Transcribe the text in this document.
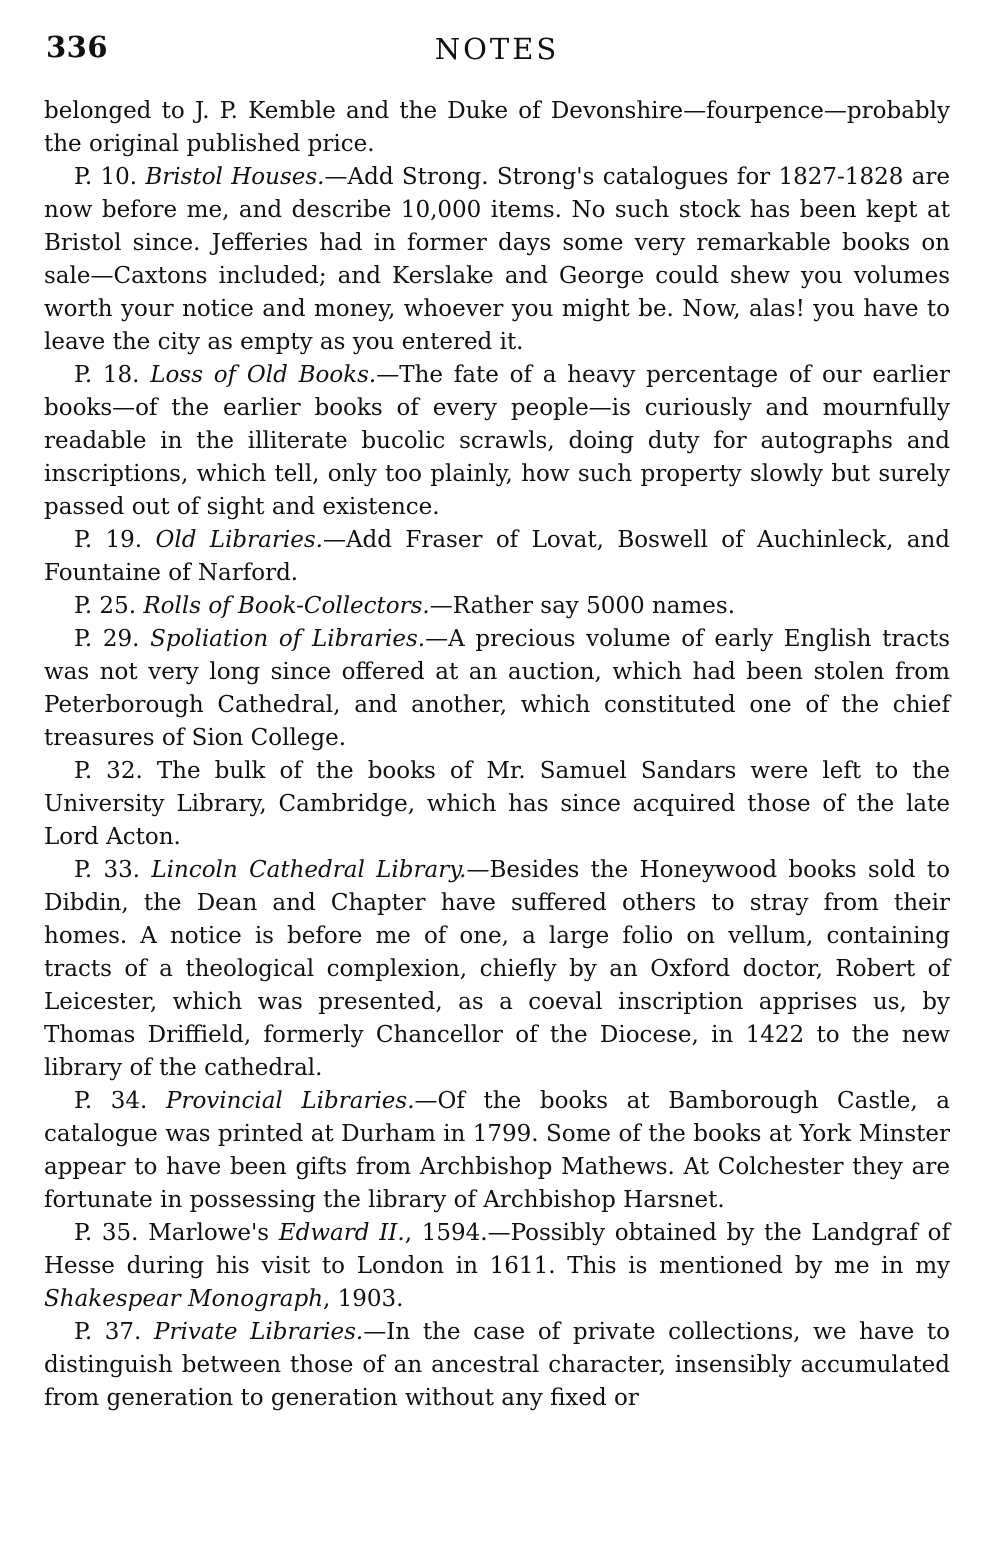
336	NOTES

belonged to J. P. Kemble and the Duke of Devonshire—fourpence—probably the original published price.

P. 10. Bristol Houses.—Add Strong. Strong's catalogues for 1827-1828 are now before me, and describe 10,000 items. No such stock has been kept at Bristol since. Jefferies had in former days some very remarkable books on sale—Caxtons included; and Kerslake and George could shew you volumes worth your notice and money, whoever you might be. Now, alas! you have to leave the city as empty as you entered it.

P. 18. Loss of Old Books.—The fate of a heavy percentage of our earlier books—of the earlier books of every people—is curiously and mournfully readable in the illiterate bucolic scrawls, doing duty for autographs and inscriptions, which tell, only too plainly, how such property slowly but surely passed out of sight and existence.

P. 19. Old Libraries.—Add Fraser of Lovat, Boswell of Auchinleck, and Fountaine of Narford.

P. 25. Rolls of Book-Collectors.—Rather say 5000 names.

P. 29. Spoliation of Libraries.—A precious volume of early English tracts was not very long since offered at an auction, which had been stolen from Peterborough Cathedral, and another, which constituted one of the chief treasures of Sion College.

P. 32. The bulk of the books of Mr. Samuel Sandars were left to the University Library, Cambridge, which has since acquired those of the late Lord Acton.

P. 33. Lincoln Cathedral Library.—Besides the Honeywood books sold to Dibdin, the Dean and Chapter have suffered others to stray from their homes. A notice is before me of one, a large folio on vellum, containing tracts of a theological complexion, chiefly by an Oxford doctor, Robert of Leicester, which was presented, as a coeval inscription apprises us, by Thomas Driffield, formerly Chancellor of the Diocese, in 1422 to the new library of the cathedral.

P. 34. Provincial Libraries.—Of the books at Bamborough Castle, a catalogue was printed at Durham in 1799. Some of the books at York Minster appear to have been gifts from Archbishop Mathews. At Colchester they are fortunate in possessing the library of Archbishop Harsnet.

P. 35. Marlowe's Edward II., 1594.—Possibly obtained by the Landgraf of Hesse during his visit to London in 1611. This is mentioned by me in my Shakespear Monograph, 1903.

P. 37. Private Libraries.—In the case of private collections, we have to distinguish between those of an ancestral character, insensibly accumulated from generation to generation without any fixed or
